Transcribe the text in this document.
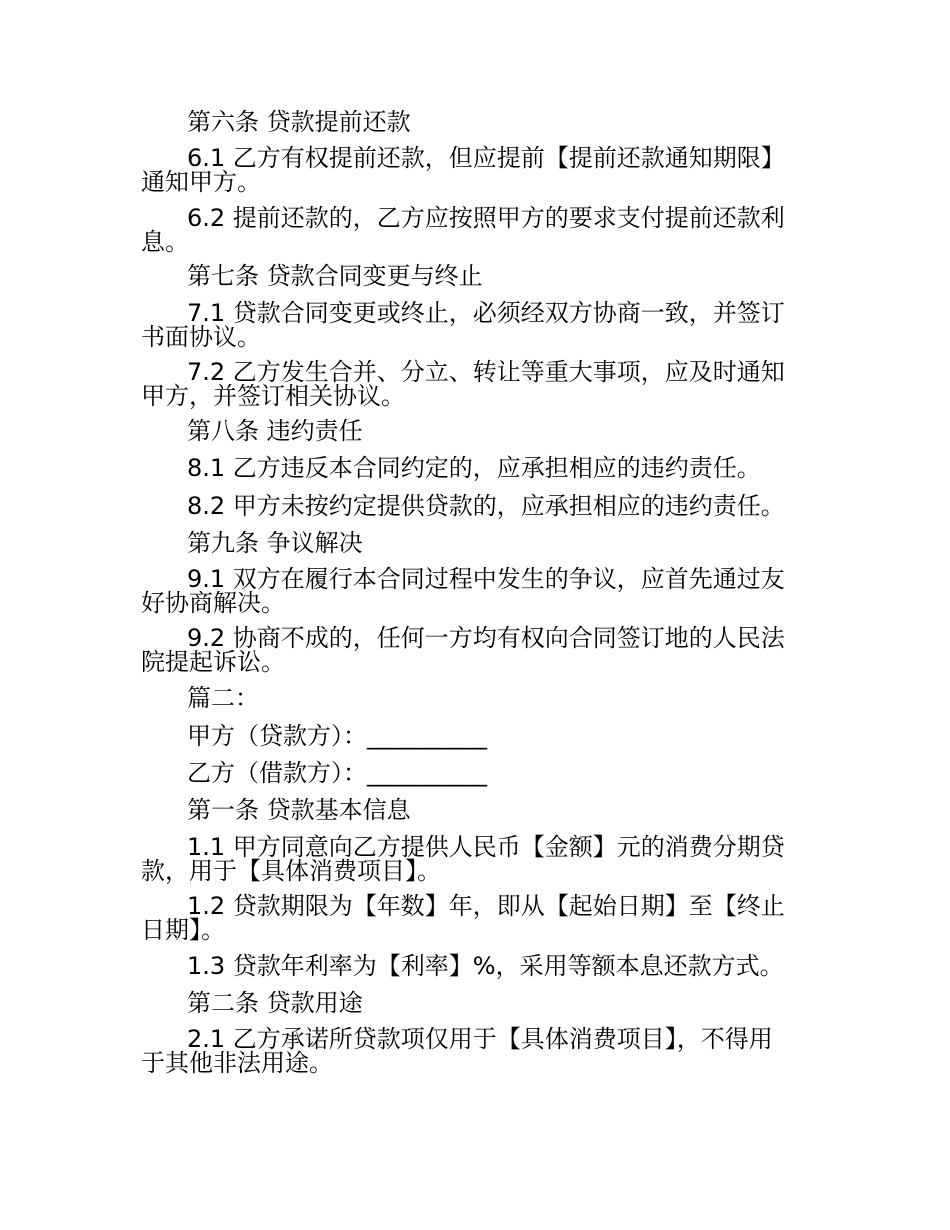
第六条 贷款提前还款
6.1 乙方有权提前还款，但应提前【提前还款通知期限】
通知甲方。
6.2 提前还款的，乙方应按照甲方的要求支付提前还款利
息。
第七条 贷款合同变更与终止
7.1 贷款合同变更或终止，必须经双方协商一致，并签订
书面协议。
7.2 乙方发生合并、分立、转让等重大事项，应及时通知
甲方，并签订相关协议。
第八条 违约责任
8.1 乙方违反本合同约定的，应承担相应的违约责任。
8.2 甲方未按约定提供贷款的，应承担相应的违约责任。
第九条 争议解决
9.1 双方在履行本合同过程中发生的争议，应首先通过友
好协商解决。
9.2 协商不成的，任何一方均有权向合同签订地的人民法
院提起诉讼。
篇二：
甲方（贷款方）：__________
乙方（借款方）：__________
第一条 贷款基本信息
1.1 甲方同意向乙方提供人民币【金额】元的消费分期贷
款，用于【具体消费项目】。
1.2 贷款期限为【年数】年，即从【起始日期】至【终止
日期】。
1.3 贷款年利率为【利率】%，采用等额本息还款方式。
第二条 贷款用途
2.1 乙方承诺所贷款项仅用于【具体消费项目】，不得用
于其他非法用途。
